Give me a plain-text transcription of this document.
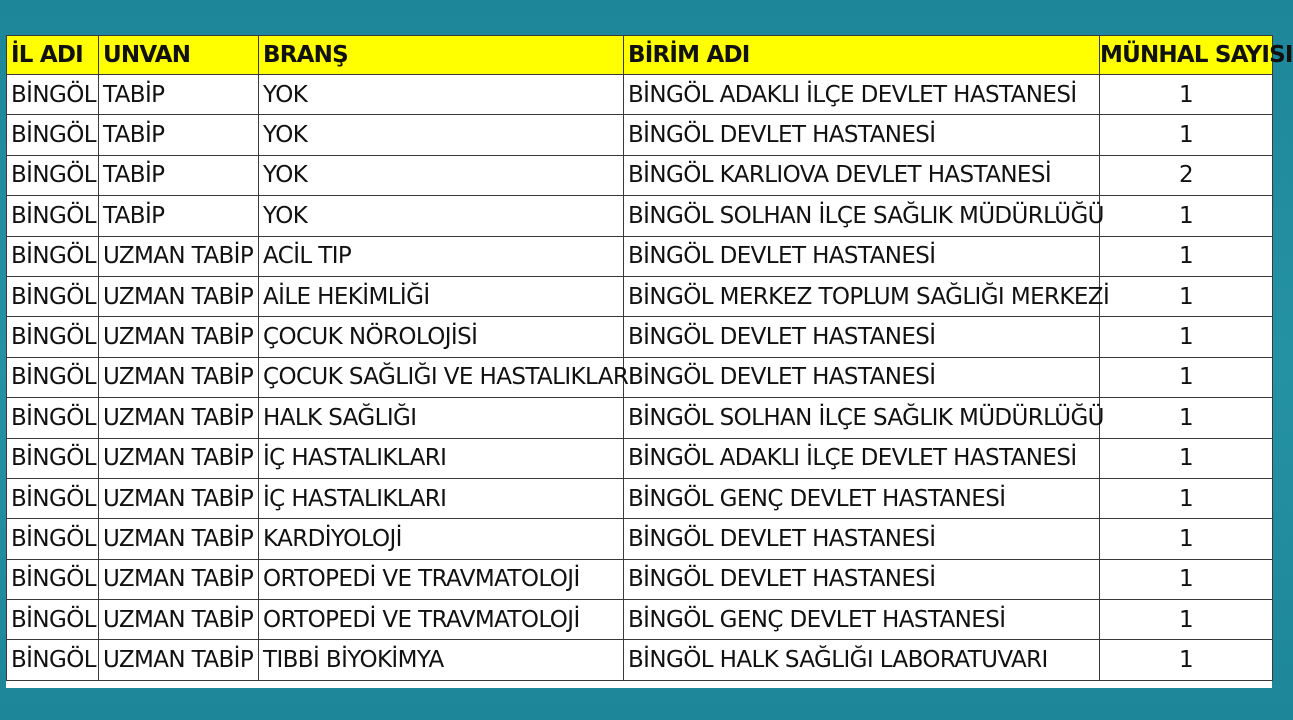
İL ADI	UNVAN	BRANŞ	BİRİM ADI	MÜNHAL SAYISI
BİNGÖL	TABİP	YOK	BİNGÖL ADAKLI İLÇE DEVLET HASTANESİ	1
BİNGÖL	TABİP	YOK	BİNGÖL DEVLET HASTANESİ	1
BİNGÖL	TABİP	YOK	BİNGÖL KARLIOVA DEVLET HASTANESİ	2
BİNGÖL	TABİP	YOK	BİNGÖL SOLHAN İLÇE SAĞLIK MÜDÜRLÜĞÜ	1
BİNGÖL	UZMAN TABİP	ACİL TIP	BİNGÖL DEVLET HASTANESİ	1
BİNGÖL	UZMAN TABİP	AİLE HEKİMLİĞİ	BİNGÖL MERKEZ TOPLUM SAĞLIĞI MERKEZİ	1
BİNGÖL	UZMAN TABİP	ÇOCUK NÖROLOJİSİ	BİNGÖL DEVLET HASTANESİ	1
BİNGÖL	UZMAN TABİP	ÇOCUK SAĞLIĞI VE HASTALIKLARI	BİNGÖL DEVLET HASTANESİ	1
BİNGÖL	UZMAN TABİP	HALK SAĞLIĞI	BİNGÖL SOLHAN İLÇE SAĞLIK MÜDÜRLÜĞÜ	1
BİNGÖL	UZMAN TABİP	İÇ HASTALIKLARI	BİNGÖL ADAKLI İLÇE DEVLET HASTANESİ	1
BİNGÖL	UZMAN TABİP	İÇ HASTALIKLARI	BİNGÖL GENÇ DEVLET HASTANESİ	1
BİNGÖL	UZMAN TABİP	KARDİYOLOJİ	BİNGÖL DEVLET HASTANESİ	1
BİNGÖL	UZMAN TABİP	ORTOPEDİ VE TRAVMATOLOJİ	BİNGÖL DEVLET HASTANESİ	1
BİNGÖL	UZMAN TABİP	ORTOPEDİ VE TRAVMATOLOJİ	BİNGÖL GENÇ DEVLET HASTANESİ	1
BİNGÖL	UZMAN TABİP	TIBBİ BİYOKİMYA	BİNGÖL HALK SAĞLIĞI LABORATUVARI	1
